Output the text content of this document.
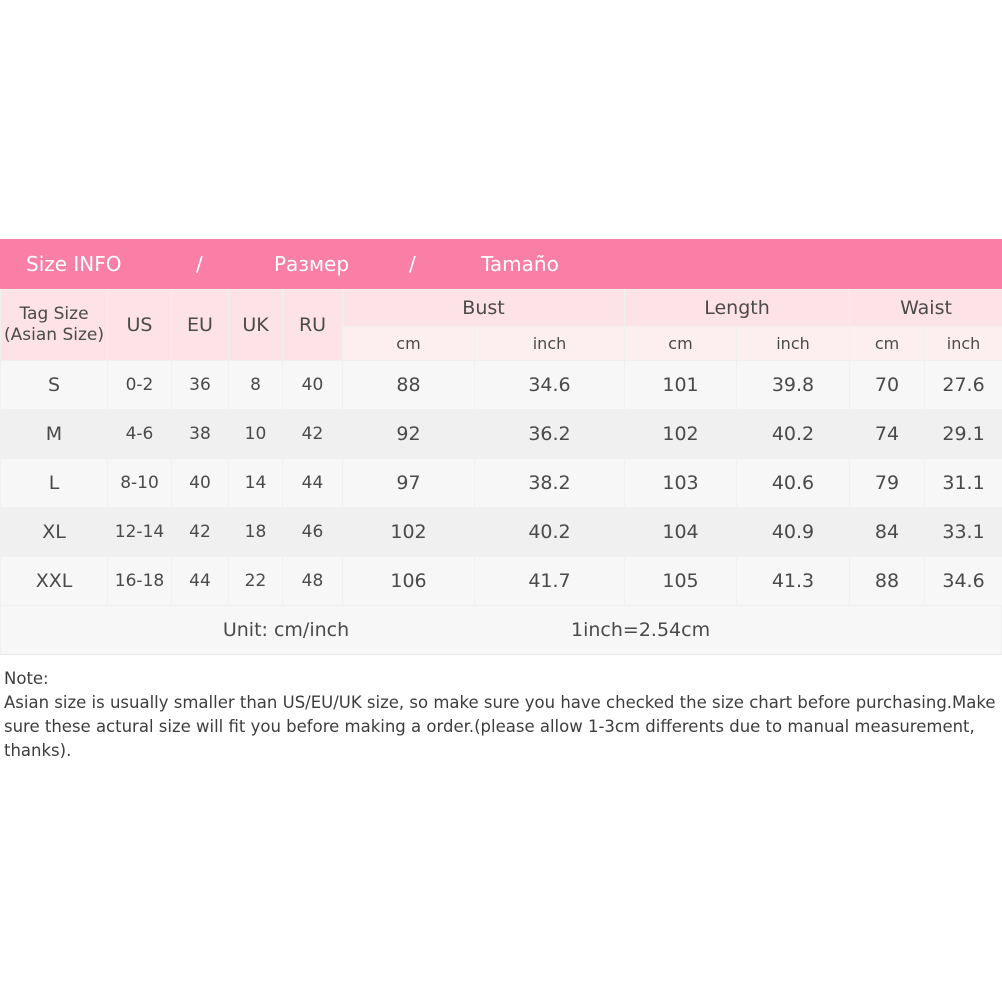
Size INFO	/	Размер	/	Tamaño
Tag Size
(Asian Size)	US	EU	UK	RU	Bust		Length		Waist	
					cm	inch	cm	inch	cm	inch
S	0-2	36	8	40	88	34.6	101	39.8	70	27.6
M	4-6	38	10	42	92	36.2	102	40.2	74	29.1
L	8-10	40	14	44	97	38.2	103	40.6	79	31.1
XL	12-14	42	18	46	102	40.2	104	40.9	84	33.1
XXL	16-18	44	22	48	106	41.7	105	41.3	88	34.6
Unit: cm/inch	1inch=2.54cm
Note:
Asian size is usually smaller than US/EU/UK size, so make sure you have checked the size chart before purchasing.Make sure these actural size will fit you before making a order.(please allow 1-3cm differents due to manual measurement, thanks).
